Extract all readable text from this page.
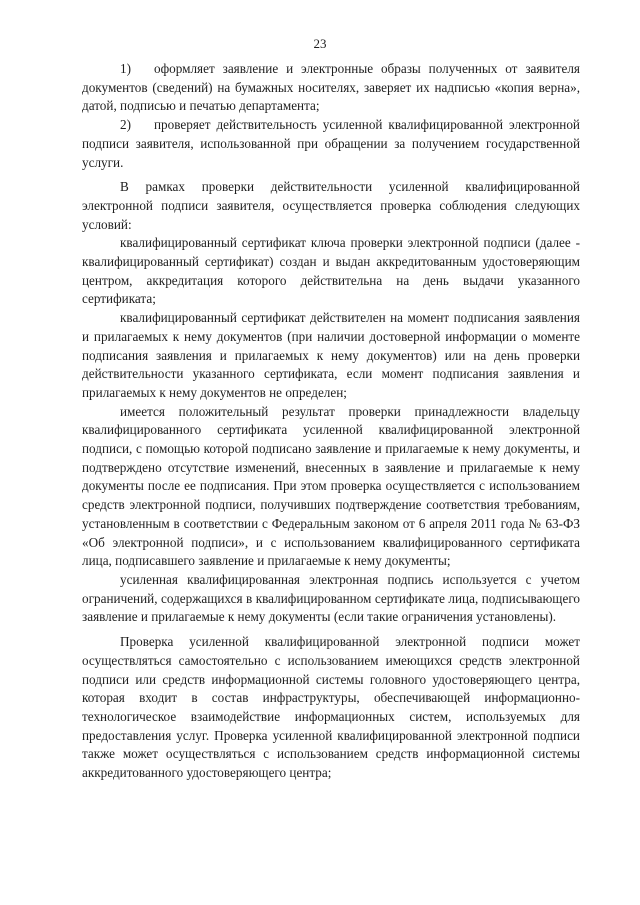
23

1) оформляет заявление и электронные образы полученных от заявителя документов (сведений) на бумажных носителях, заверяет их надписью «копия верна», датой, подписью и печатью департамента;

2) проверяет действительность усиленной квалифицированной электронной подписи заявителя, использованной при обращении за получением государственной услуги.

В рамках проверки действительности усиленной квалифицированной электронной подписи заявителя, осуществляется проверка соблюдения следующих условий:

квалифицированный сертификат ключа проверки электронной подписи (далее - квалифицированный сертификат) создан и выдан аккредитованным удостоверяющим центром, аккредитация которого действительна на день выдачи указанного сертификата;

квалифицированный сертификат действителен на момент подписания заявления и прилагаемых к нему документов (при наличии достоверной информации о моменте подписания заявления и прилагаемых к нему документов) или на день проверки действительности указанного сертификата, если момент подписания заявления и прилагаемых к нему документов не определен;

имеется положительный результат проверки принадлежности владельцу квалифицированного сертификата усиленной квалифицированной электронной подписи, с помощью которой подписано заявление и прилагаемые к нему документы, и подтверждено отсутствие изменений, внесенных в заявление и прилагаемые к нему документы после ее подписания. При этом проверка осуществляется с использованием средств электронной подписи, получивших подтверждение соответствия требованиям, установленным в соответствии с Федеральным законом от 6 апреля 2011 года № 63-ФЗ «Об электронной подписи», и с использованием квалифицированного сертификата лица, подписавшего заявление и прилагаемые к нему документы;

усиленная квалифицированная электронная подпись используется с учетом ограничений, содержащихся в квалифицированном сертификате лица, подписывающего заявление и прилагаемые к нему документы (если такие ограничения установлены).

Проверка усиленной квалифицированной электронной подписи может осуществляться самостоятельно с использованием имеющихся средств электронной подписи или средств информационной системы головного удостоверяющего центра, которая входит в состав инфраструктуры, обеспечивающей информационно-технологическое взаимодействие информационных систем, используемых для предоставления услуг. Проверка усиленной квалифицированной электронной подписи также может осуществляться с использованием средств информационной системы аккредитованного удостоверяющего центра;
